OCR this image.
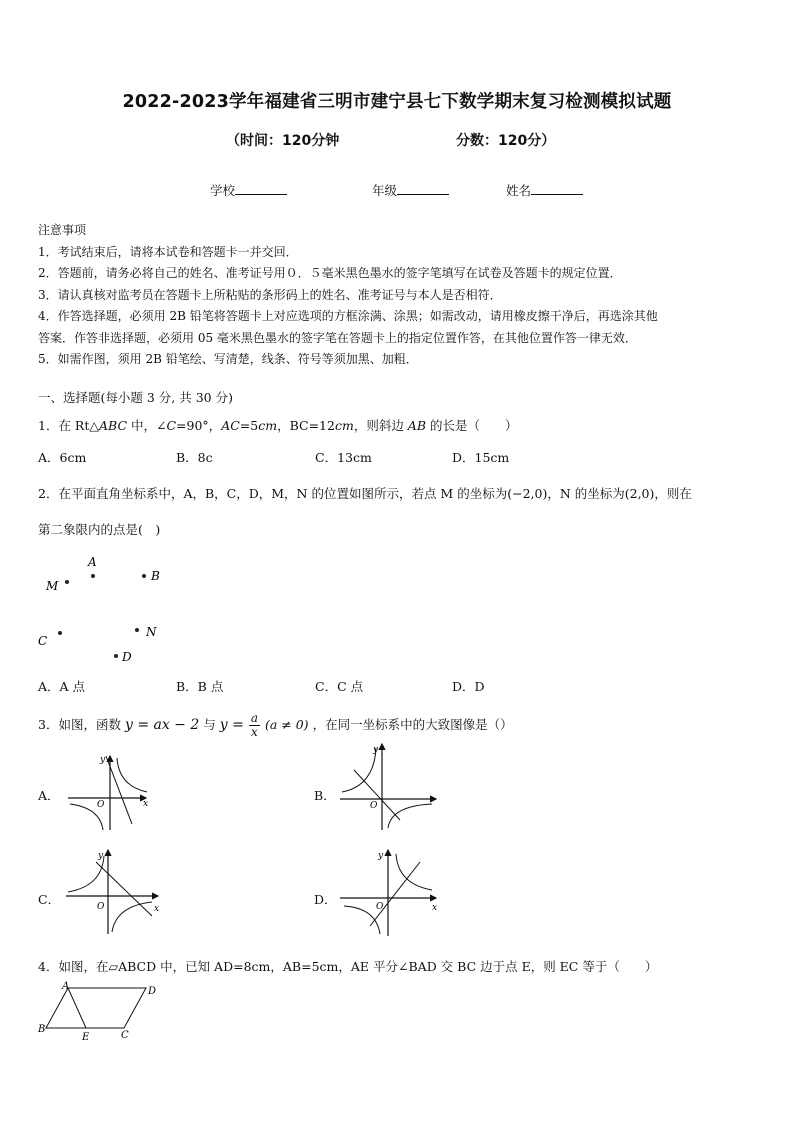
2022-2023学年福建省三明市建宁县七下数学期末复习检测模拟试题
（时间：120分钟	分数：120分）
学校	年级	姓名
注意事项
1．考试结束后，请将本试卷和答题卡一并交回．
2．答题前，请务必将自己的姓名、准考证号用０．５毫米黑色墨水的签字笔填写在试卷及答题卡的规定位置．
3．请认真核对监考员在答题卡上所粘贴的条形码上的姓名、准考证号与本人是否相符．
4．作答选择题，必须用 2B 铅笔将答题卡上对应选项的方框涂满、涂黑；如需改动，请用橡皮擦干净后，再选涂其他
答案．作答非选择题，必须用 05 毫米黑色墨水的签字笔在答题卡上的指定位置作答，在其他位置作答一律无效．
5．如需作图，须用 2B 铅笔绘、写清楚，线条、符号等须加黑、加粗．
一、选择题(每小题 3 分, 共 30 分)
1．在 Rt△ABC 中，∠C=90°，AC=5cm，BC=12cm，则斜边 AB 的长是（　　）
A．6cm	B．8c	C．13cm	D．15cm
2．在平面直角坐标系中，A，B，C，D，M，N 的位置如图所示，若点 M 的坐标为(−2,0)，N 的坐标为(2,0)，则在
第二象限内的点是(　)
M
A
B
C
N
D
A．A 点	B．B 点	C．C 点	D．D
3．如图，函数 y = ax − 2 与 $y = \frac{a}{x} (a \ne 0)$ ，在同一坐标系中的大致图像是（）
A．	B．
C．	D．
x
y
O
y
O
x
y
O	x
y
O
4．如图，在▱ABCD 中，已知 AD=8cm，AB=5cm，AE 平分∠BAD 交 BC 边于点 E，则 EC 等于（　　）
A	D
B
E	C
